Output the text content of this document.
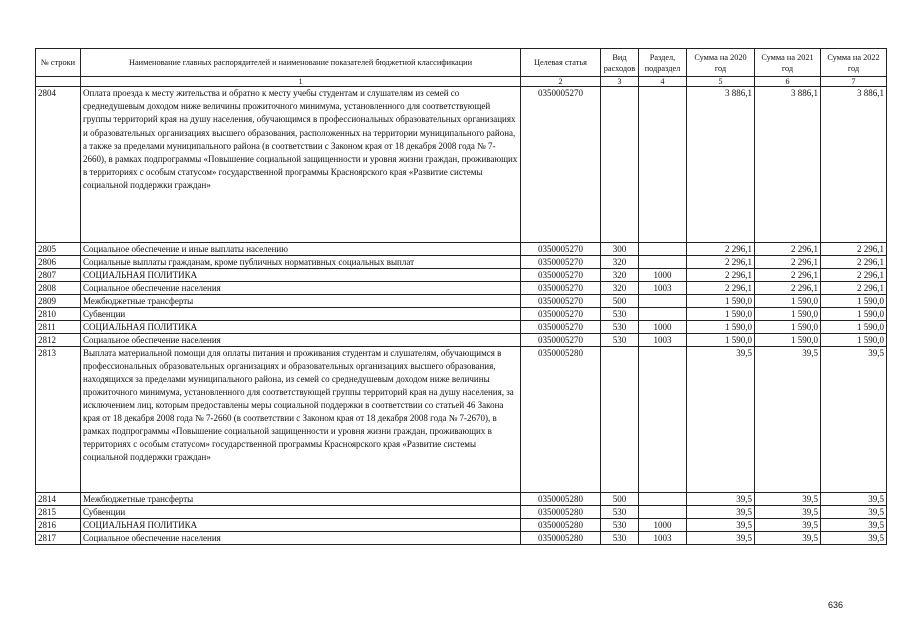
№ строки	Наименование главных распорядителей и наименование показателей бюджетной классификации	Целевая статья	Вид расходов	Раздел, подраздел	Сумма на 2020 год	Сумма на 2021 год	Сумма на 2022 год
	1	2	3	4	5	6	7
2804	Оплата проезда к месту жительства и обратно к месту учебы студентам и слушателям из семей со среднедушевым доходом ниже величины прожиточного минимума, установленного для соответствующей группы территорий края на душу населения, обучающимся в профессиональных образовательных организациях и образовательных организациях высшего образования, расположенных на территории муниципального района, а также за пределами муниципального района (в соответствии с Законом края от 18 декабря 2008 года № 7-2660), в рамках подпрограммы «Повышение социальной защищенности и уровня жизни граждан, проживающих в территориях с особым статусом» государственной программы Красноярского края «Развитие системы социальной поддержки граждан»	0350005270			3 886,1	3 886,1	3 886,1
2805	Социальное обеспечение и иные выплаты населению	0350005270	300		2 296,1	2 296,1	2 296,1
2806	Социальные выплаты гражданам, кроме публичных нормативных социальных выплат	0350005270	320		2 296,1	2 296,1	2 296,1
2807	СОЦИАЛЬНАЯ ПОЛИТИКА	0350005270	320	1000	2 296,1	2 296,1	2 296,1
2808	Социальное обеспечение населения	0350005270	320	1003	2 296,1	2 296,1	2 296,1
2809	Межбюджетные трансферты	0350005270	500		1 590,0	1 590,0	1 590,0
2810	Субвенции	0350005270	530		1 590,0	1 590,0	1 590,0
2811	СОЦИАЛЬНАЯ ПОЛИТИКА	0350005270	530	1000	1 590,0	1 590,0	1 590,0
2812	Социальное обеспечение населения	0350005270	530	1003	1 590,0	1 590,0	1 590,0
2813	Выплата материальной помощи для оплаты питания и проживания студентам и слушателям, обучающимся в профессиональных образовательных организациях и образовательных организациях высшего образования, находящихся за пределами муниципального района, из семей со среднедушевым доходом ниже величины прожиточного минимума, установленного для соответствующей группы территорий края на душу населения, за исключением лиц, которым предоставлены меры социальной поддержки в соответствии со статьей 46 Закона края от 18 декабря 2008 года № 7-2660 (в соответствии с Законом края от 18 декабря 2008 года № 7-2670), в рамках подпрограммы «Повышение социальной защищенности и уровня жизни граждан, проживающих в территориях с особым статусом» государственной программы Красноярского края «Развитие системы социальной поддержки граждан»	0350005280			39,5	39,5	39,5
2814	Межбюджетные трансферты	0350005280	500		39,5	39,5	39,5
2815	Субвенции	0350005280	530		39,5	39,5	39,5
2816	СОЦИАЛЬНАЯ ПОЛИТИКА	0350005280	530	1000	39,5	39,5	39,5
2817	Социальное обеспечение населения	0350005280	530	1003	39,5	39,5	39,5
636
